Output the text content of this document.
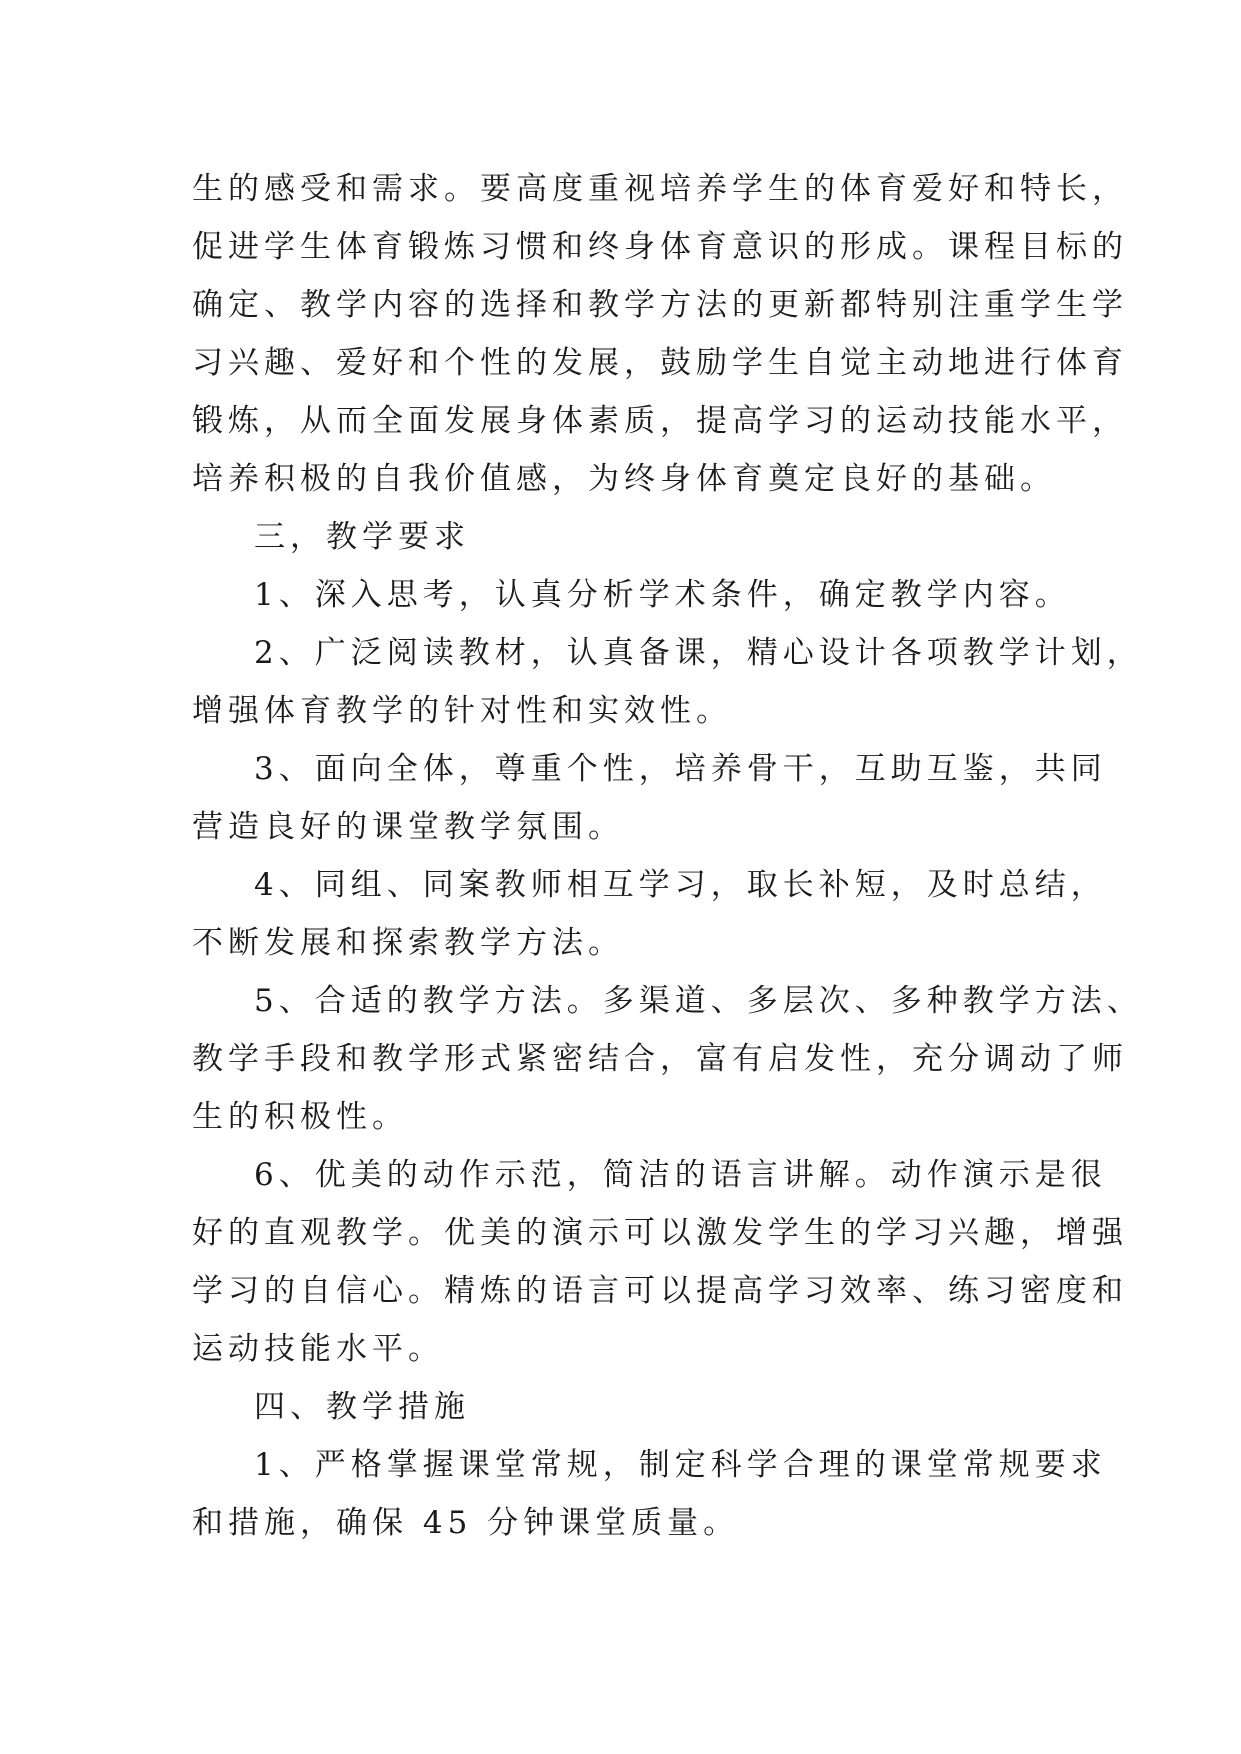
生的感受和需求。要高度重视培养学生的体育爱好和特长，
促进学生体育锻炼习惯和终身体育意识的形成。课程目标的
确定、教学内容的选择和教学方法的更新都特别注重学生学
习兴趣、爱好和个性的发展，鼓励学生自觉主动地进行体育
锻炼，从而全面发展身体素质，提高学习的运动技能水平，
培养积极的自我价值感，为终身体育奠定良好的基础。
三，教学要求
1、深入思考，认真分析学术条件，确定教学内容。
2、广泛阅读教材，认真备课，精心设计各项教学计划，
增强体育教学的针对性和实效性。
3、面向全体，尊重个性，培养骨干，互助互鉴，共同
营造良好的课堂教学氛围。
4、同组、同案教师相互学习，取长补短，及时总结，
不断发展和探索教学方法。
5、合适的教学方法。多渠道、多层次、多种教学方法、
教学手段和教学形式紧密结合，富有启发性，充分调动了师
生的积极性。
6、优美的动作示范，简洁的语言讲解。动作演示是很
好的直观教学。优美的演示可以激发学生的学习兴趣，增强
学习的自信心。精炼的语言可以提高学习效率、练习密度和
运动技能水平。
四、教学措施
1、严格掌握课堂常规，制定科学合理的课堂常规要求
和措施，确保 45 分钟课堂质量。
